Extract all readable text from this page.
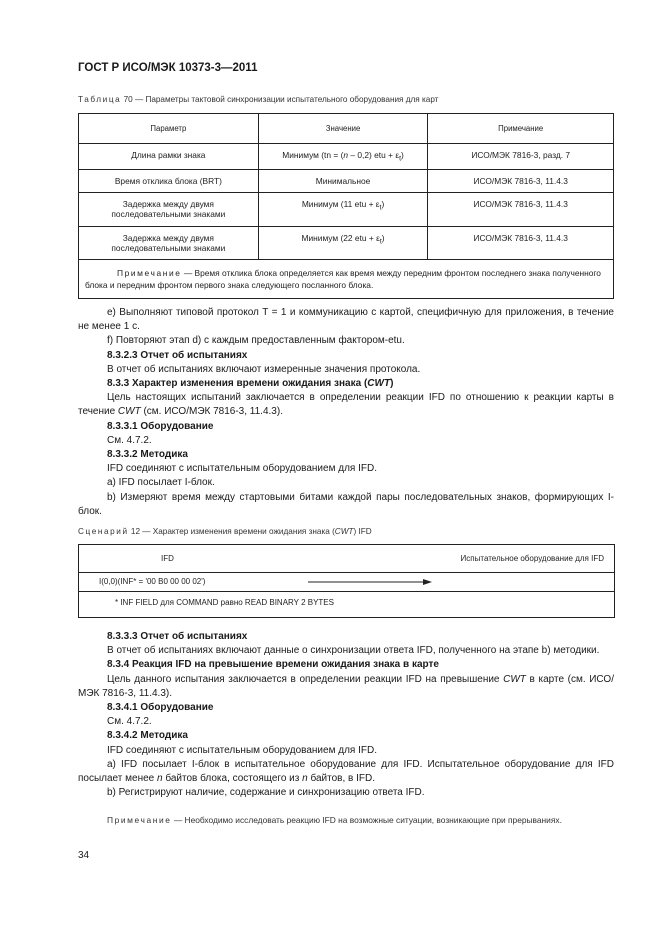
ГОСТ Р ИСО/МЭК 10373-3—2011
Таблица 70 — Параметры тактовой синхронизации испытательного оборудования для карт
Параметр	Значение	Примечание
Длина рамки знака	Минимум (tn = (n – 0,2) etu + $\varepsilon_t$)	ИСО/МЭК 7816-3, разд. 7
Время отклика блока (BRT)	Минимальное	ИСО/МЭК 7816-3, 11.4.3
Задержка между двумя
последовательными знаками	Минимум (11 etu + $\varepsilon_t$)	ИСО/МЭК 7816-3, 11.4.3
Задержка между двумя
последовательными знаками	Минимум (22 etu + $\varepsilon_t$)	ИСО/МЭК 7816-3, 11.4.3
Примечание — Время отклика блока определяется как время между передним фронтом последнего знака полученного блока и передним фронтом первого знака следующего посланного блока.		

е) Выполняют типовой протокол T = 1 и коммуникацию с картой, специфичную для приложения, в течение не менее 1 с.

f) Повторяют этап d) с каждым предоставленным фактором-etu.

8.3.2.3 Отчет об испытаниях

В отчет об испытаниях включают измеренные значения протокола.

8.3.3 Характер изменения времени ожидания знака (CWT)

Цель настоящих испытаний заключается в определении реакции IFD по отношению к реакции карты в течение CWT (см. ИСО/МЭК 7816-3, 11.4.3).

8.3.3.1 Оборудование

См. 4.7.2.

8.3.3.2 Методика

IFD соединяют с испытательным оборудованием для IFD.

а) IFD посылает I-блок.

b) Измеряют время между стартовыми битами каждой пары последовательных знаков, формирующих I-блок.

Сценарий 12 — Характер изменения времени ожидания знака (CWT) IFD
IFD	Испытательное оборудование для IFD
I(0,0)(INF* = '00 B0 00 00 02')
* INF FIELD для COMMAND равно READ BINARY 2 BYTES

8.3.3.3 Отчет об испытаниях

В отчет об испытаниях включают данные о синхронизации ответа IFD, полученного на этапе b) методики.

8.3.4 Реакция IFD на превышение времени ожидания знака в карте

Цель данного испытания заключается в определении реакции IFD на превышение CWT в карте (см. ИСО/МЭК 7816-3, 11.4.3).

8.3.4.1 Оборудование

См. 4.7.2.

8.3.4.2 Методика

IFD соединяют с испытательным оборудованием для IFD.

а) IFD посылает I-блок в испытательное оборудование для IFD. Испытательное оборудование для IFD посылает менее n байтов блока, состоящего из n байтов, в IFD.

b) Регистрируют наличие, содержание и синхронизацию ответа IFD.

Примечание — Необходимо исследовать реакцию IFD на возможные ситуации, возникающие при прерываниях.

34
